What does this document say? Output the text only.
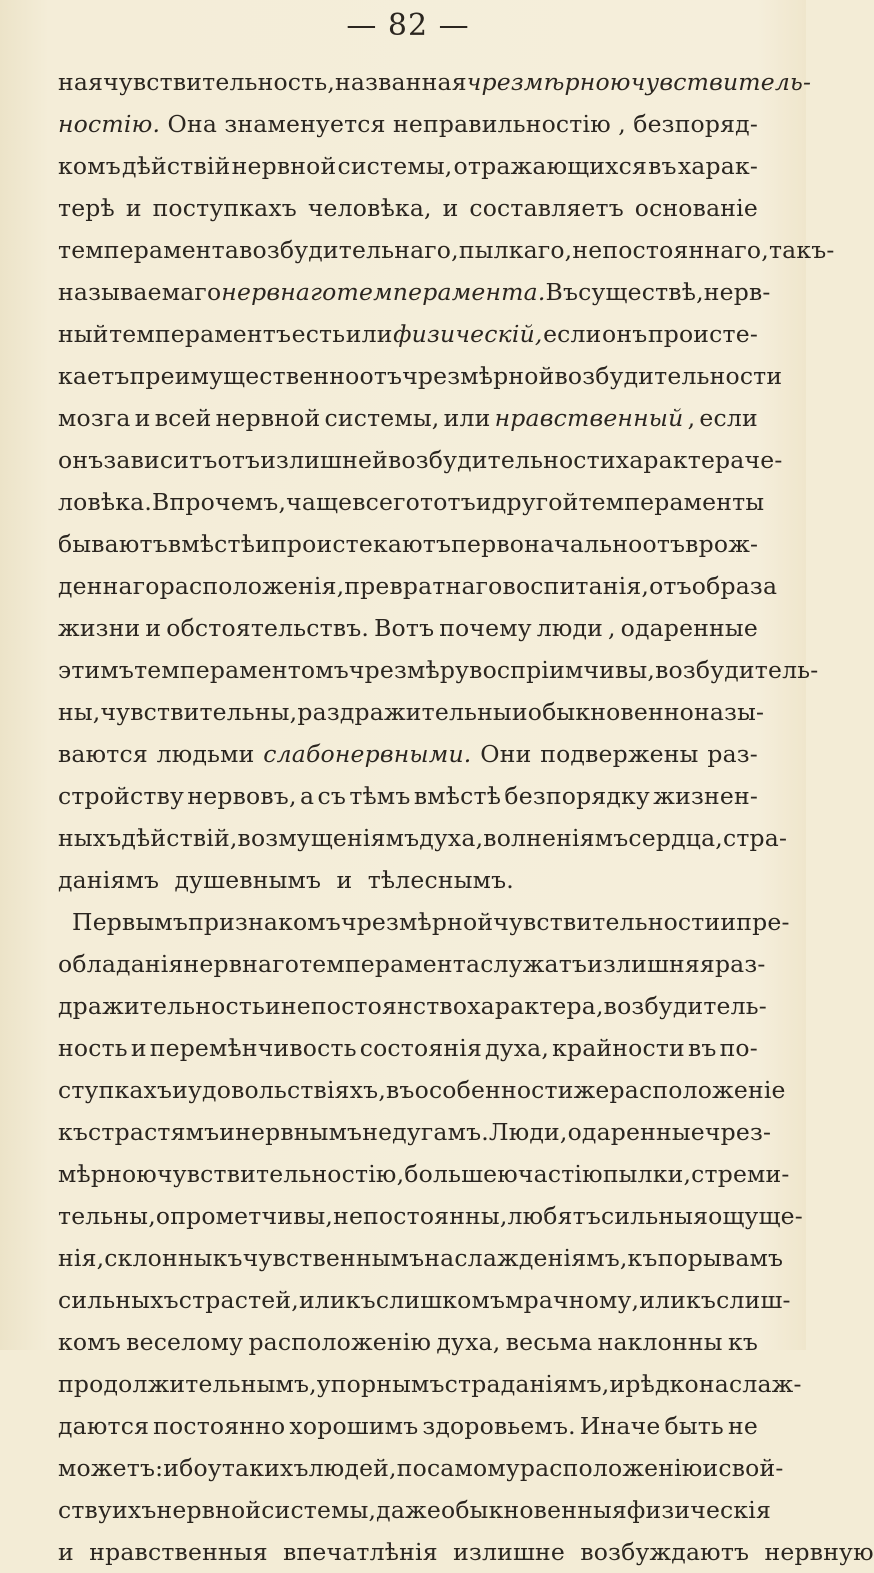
— 82 —
ная чувствительность, названная чрезмѣрною чувствитель-
ностію. Она знаменуется неправильностію , безпоряд-
комъ дѣйствій нервной системы, отражающихся въ харак-
терѣ и поступкахъ человѣка, и составляетъ основаніе
темперамента возбудительнаго, пылкаго, непостояннаго, такъ-
называемаго нервнаго темперамента. Въ существѣ, нерв-
ный темпераментъ есть или физическій, если онъ происте-
каетъ преимущественно отъ чрезмѣрной возбудительности
мозга и всей нервной системы, или нравственный , если
онъ зависитъ отъ излишней возбудительности характера че-
ловѣка. Впрочемъ, чаще всего тотъ и другой темпераменты
бываютъ вмѣстѣ и проистекаютъ первоначально отъ врож-
деннаго расположенія, превратнаго воспитанія, отъ образа
жизни и обстоятельствъ. Вотъ почему люди , одаренные
этимъ темпераментомъ чрезмѣру воспріимчивы, возбудитель-
ны, чувствительны, раздражительны и обыкновенно назы-
ваются людьми слабонервными. Они подвержены раз-
стройству нервовъ, а съ тѣмъ вмѣстѣ безпорядку жизнен-
ныхъ дѣйствій, возмущеніямъ духа, волненіямъ сердца, стра-
даніямъ
душевнымъ
и
тѣлеснымъ.
Первымъ признакомъ чрезмѣрной чувствительности и пре-
обладанія нервнаго темперамента служатъ излишняя раз-
дражительность и непостоянство характера, возбудитель-
ность и перемѣнчивость состоянія духа, крайности въ по-
ступкахъ и удовольствіяхъ, въ особенности же расположеніе
къ страстямъ и нервнымъ недугамъ. Люди, одаренные чрез-
мѣрною чувствительностію, большею частію пылки, стреми-
тельны, опрометчивы, непостоянны, любятъ сильныя ощуще-
нія, склонны къ чувственнымъ наслажденіямъ, къ порывамъ
сильныхъ страстей, или къ слишкомъ мрачному, или къ слиш-
комъ веселому расположенію духа, весьма наклонны къ
продолжительнымъ, упорнымъ страданіямъ, и рѣдко наслаж-
даются постоянно хорошимъ здоровьемъ. Иначе быть не
можетъ: ибо у такихъ людей, по самому расположенію и свой-
ству ихъ нервной системы, даже обыкновенныя физическія
и
нравственныя
впечатлѣнія
излишне
возбуждаютъ
нервную
